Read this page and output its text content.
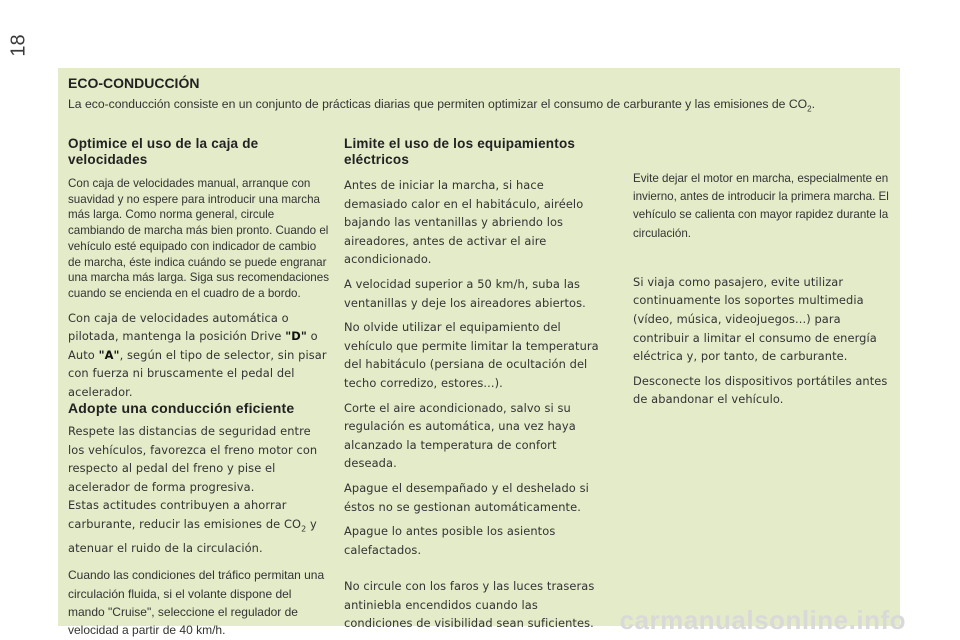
18
ECO-CONDUCCIÓN
La eco-conducción consiste en un conjunto de prácticas diarias que permiten optimizar el consumo de carburante y las emisiones de $CO_2$.
Optimice el uso de la caja de velocidades

Con caja de velocidades manual, arranque con suavidad y no espere para introducir una marcha más larga. Como norma general, circule cambiando de marcha más bien pronto. Cuando el vehículo esté equipado con indicador de cambio de marcha, éste indica cuándo se puede engranar una marcha más larga. Siga sus recomendaciones cuando se encienda en el cuadro de a bordo.

Con caja de velocidades automática o pilotada, mantenga la posición Drive "D" o Auto "A", según el tipo de selector, sin pisar con fuerza ni bruscamente el pedal del acelerador.

Adopte una conducción eficiente

Respete las distancias de seguridad entre los vehículos, favorezca el freno motor con respecto al pedal del freno y pise el acelerador de forma progresiva.

Estas actitudes contribuyen a ahorrar carburante, reducir las emisiones de $CO_2$ y atenuar el ruido de la circulación.

Cuando las condiciones del tráfico permitan una circulación fluida, si el volante dispone del mando "Cruise", seleccione el regulador de velocidad a partir de 40 km/h.

Limite el uso de los equipamientos eléctricos

Antes de iniciar la marcha, si hace demasiado calor en el habitáculo, airéelo bajando las ventanillas y abriendo los aireadores, antes de activar el aire acondicionado.

A velocidad superior a 50 km/h, suba las ventanillas y deje los aireadores abiertos.

No olvide utilizar el equipamiento del vehículo que permite limitar la temperatura del habitáculo (persiana de ocultación del techo corredizo, estores...).

Corte el aire acondicionado, salvo si su regulación es automática, una vez haya alcanzado la temperatura de confort deseada.

Apague el desempañado y el deshelado si éstos no se gestionan automáticamente.

Apague lo antes posible los asientos calefactados.

No circule con los faros y las luces traseras antiniebla encendidos cuando las condiciones de visibilidad sean suficientes.

Evite dejar el motor en marcha, especialmente en invierno, antes de introducir la primera marcha. El vehículo se calienta con mayor rapidez durante la circulación.

Si viaja como pasajero, evite utilizar continuamente los soportes multimedia (vídeo, música, videojuegos...) para contribuir a limitar el consumo de energía eléctrica y, por tanto, de carburante.

Desconecte los dispositivos portátiles antes de abandonar el vehículo.

carmanualsonline.info
